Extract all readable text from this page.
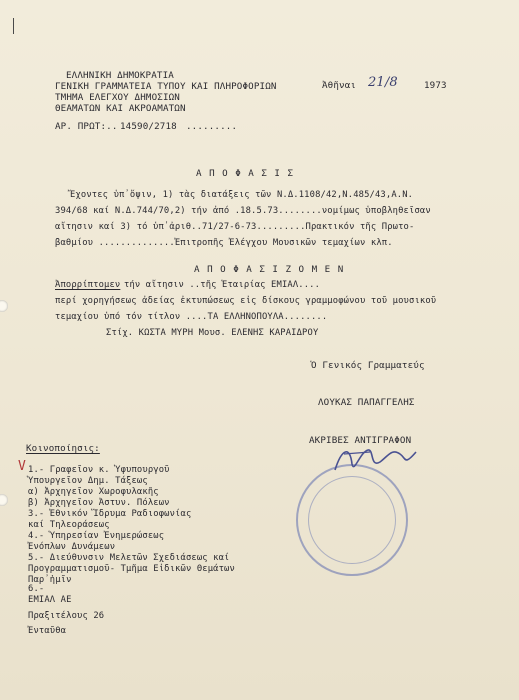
ΕΛΛΗΝΙΚΗ ΔΗΜΟΚΡΑΤΙΑ
ΓΕΝΙΚΗ ΓΡΑΜΜΑΤΕΙΑ ΤΥΠΟΥ ΚΑΙ ΠΛΗΡΟΦΟΡΙΩΝ
ΤΜΗΜΑ ΕΛΕΓΧΟΥ ΔΗΜΟΣΙΩΝ
ΘΕΑΜΑΤΩΝ ΚΑΙ ΑΚΡΟΑΜΑΤΩΝ
Ἀθῆναι 21/8	1973
ΑΡ. ΠΡΩΤ:.. 14590/2718 .........
Α Π Ο Φ Α Σ Ι Σ
Ἔχοντες ὑπ᾽ὄψιν, 1) τὰς διατάξεις τῶν Ν.Δ.1108/42,Ν.485/43,Α.Ν.
394/68 καί Ν.Δ.744/70,2) τήν ἀπό .18.5.73........νομίμως ὑποβληθεῖσαν
αἴτησιν καί 3) τό ὑπ᾽ἀριθ..71/27-6-73.........Πρακτικόν τῆς Πρωτο-
βαθμίου ..............Ἐπιτροπῆς Ἐλέγχου Μουσικῶν τεμαχίων κλπ.
Α Π Ο Φ Α Σ Ι Ζ Ο Μ Ε Ν
Ἀπορρίπτομεν τήν αἴτησιν ..τῆς Ἑταιρίας ΕΜΙΑΛ....
περί χορηγήσεως ἀδείας ἐκτυπώσεως εἰς δίσκους γραμμοφώνου τοῦ μουσικοῦ
τεμαχίου ὑπό τόν τίτλον ....ΤΑ ΕΛΛΗΝΟΠΟΥΛΑ........
Στίχ. ΚΩΣΤΑ ΜΥΡΗ Μουσ. ΕΛΕΝΗΣ ΚΑΡΑΙΔΡΟΥ
Ὁ Γενικός Γραμματεύς
ΛΟΥΚΑΣ ΠΑΠΑΓΓΕΛΗΣ
ΑΚΡΙΒΕΣ ΑΝΤΙΓΡΑΦΟΝ
Κοινοποίησις:
V 1.- Γραφεῖον κ. Ὑφυπουργοῦ
Ὑπουργεῖον Δημ. Τάξεως
α) Ἀρχηγεῖον Χωροφυλακῆς
β) Ἀρχηγεῖον Ἀστυν. Πόλεων
3.- Ἐθνικόν Ἵδρυμα Ραδιοφωνίας
καί Τηλεοράσεως
4.- Ὑπηρεσίαν Ἐνημερώσεως
Ἐνόπλων Δυνάμεων
5.- Διεύθυνσιν Μελετῶν Σχεδιάσεως καί
Προγραμματισμοῦ- Τμῆμα Εἰδικῶν Θεμάτων
Παρ᾽ἡμῖν
6.-
ΕΜΙΑΛ ΑΕ
Πραξιτέλους 26
Ἐνταῦθα
